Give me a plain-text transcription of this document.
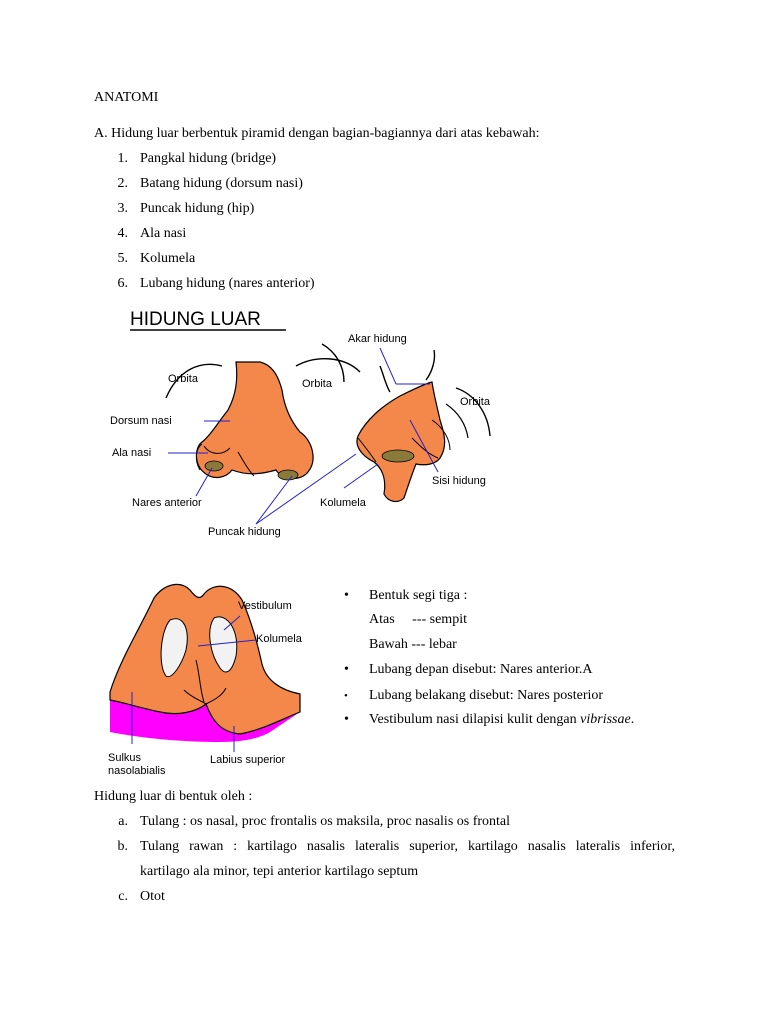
ANATOMI
A. Hidung luar berbentuk piramid dengan bagian-bagiannya dari atas kebawah:
1. Pangkal hidung (bridge)
2. Batang hidung (dorsum nasi)
3. Puncak hidung (hip)
4. Ala nasi
5. Kolumela
6. Lubang hidung (nares anterior)
HIDUNG LUAR
Akar hidung
Orbita	Orbita
Orbita
Dorsum nasi
Ala nasi
Nares anterior	Kolumela
Sisi hidung
Puncak hidung
Vestibulum
Kolumela
Sulkus
nasolabialis
Labius superior
• Bentuk segi tiga :
Atas     --- sempit
Bawah --- lebar
• Lubang depan disebut: Nares anterior.A
• Lubang belakang disebut: Nares posterior
• Vestibulum nasi dilapisi kulit dengan vibrissae.
Hidung luar di bentuk oleh :
a. Tulang : os nasal, proc frontalis os maksila, proc nasalis os frontal
b. Tulang rawan : kartilago nasalis lateralis superior, kartilago nasalis lateralis inferior,
kartilago ala minor, tepi anterior kartilago septum
c. Otot
